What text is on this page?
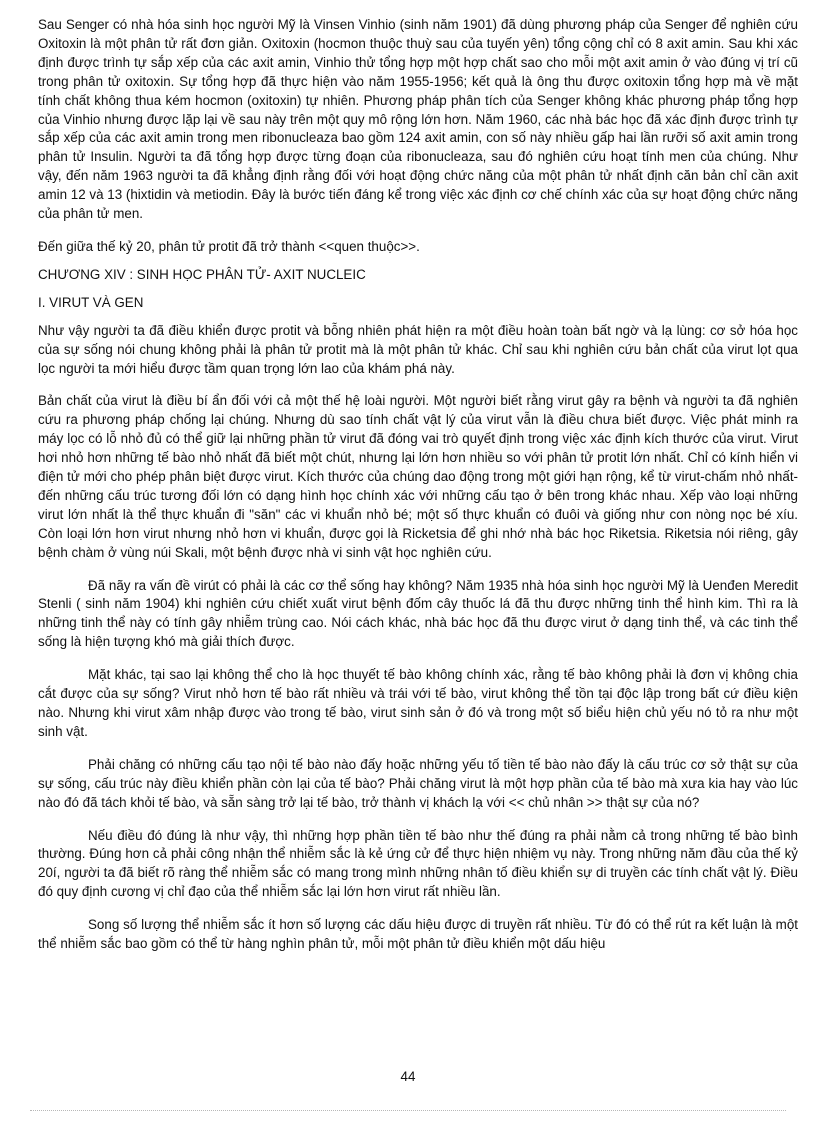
Sau Senger có nhà hóa sinh học người Mỹ là Vinsen Vinhio (sinh năm 1901) đã dùng phương pháp của Senger để nghiên cứu Oxitoxin là một phân tử rất đơn giản. Oxitoxin (hocmon thuộc thuỳ sau của tuyến yên) tổng cộng chỉ có 8 axit amin. Sau khi xác định được trình tự sắp xếp của các axit amin, Vinhio thử tổng hợp một hợp chất sao cho mỗi một axit amin ở vào đúng vị trí cũ trong phân tử oxitoxin. Sự tổng hợp đã thực hiện vào năm 1955-1956; kết quả là ông thu được oxitoxin tổng hợp mà về mặt tính chất không thua kém hocmon (oxitoxin) tự nhiên. Phương pháp phân tích của Senger không khác phương pháp tổng hợp của Vinhio nhưng được lặp lại về sau này trên một quy mô rộng lớn hơn. Năm 1960, các nhà bác học đã xác định được trình tự sắp xếp của các axit amin trong men ribonucleaza bao gồm 124 axit amin, con số này nhiều gấp hai lần rưỡi số axit amin trong phân tử Insulin. Người ta đã tổng hợp được từng đoạn của ribonucleaza, sau đó nghiên cứu hoạt tính men của chúng. Như vậy, đến năm 1963 người ta đã khẳng định rằng đối với hoạt động chức năng của một phân tử nhất định căn bản chỉ cần axit amin 12 và 13 (hixtidin và metiodin. Đây là bước tiến đáng kể trong việc xác định cơ chế chính xác của sự hoạt động chức năng của phân tử men.

Đến giữa thế kỷ 20, phân tử protit đã trở thành <<quen thuộc>>.

CHƯƠNG XIV : SINH HỌC PHÂN TỬ- AXIT NUCLEIC

I. VIRUT VÀ GEN

Như vậy người ta đã điều khiển được protit và bỗng nhiên phát hiện ra một điều hoàn toàn bất ngờ và lạ lùng: cơ sở hóa học của sự sống nói chung không phải là phân tử protit mà là một phân tử khác. Chỉ sau khi nghiên cứu bản chất của virut lọt qua lọc người ta mới hiểu được tầm quan trọng lớn lao của khám phá này.

Bản chất của virut là điều bí ẩn đối với cả một thế hệ loài người. Một người biết rằng virut gây ra bệnh và người ta đã nghiên cứu ra phương pháp chống lại chúng. Nhưng dù sao tính chất vật lý của virut vẫn là điều chưa biết được. Việc phát minh ra máy lọc có lỗ nhỏ đủ có thể giữ lại những phần tử virut đã đóng vai trò quyết định trong việc xác định kích thước của virut. Virut hơi nhỏ hơn những tế bào nhỏ nhất đã biết một chút, nhưng lại lớn hơn nhiều so với phân tử protit lớn nhất. Chỉ có kính hiển vi điện tử mới cho phép phân biệt được virut. Kích thước của chúng dao động trong một giới hạn rộng, kể từ virut-chấm nhỏ nhất-đến những cấu trúc tương đối lớn có dạng hình học chính xác với những cấu tạo ở bên trong khác nhau. Xếp vào loại những virut lớn nhất là thể thực khuẩn đi "săn" các vi khuẩn nhỏ bé; một số thực khuẩn có đuôi và giống như con nòng nọc bé xíu. Còn loại lớn hơn virut nhưng nhỏ hơn vi khuẩn, được gọi là Ricketsia để ghi nhớ nhà bác học Riketsia. Riketsia nói riêng, gây bệnh chàm ở vùng núi Skali, một bệnh được nhà vi sinh vật học nghiên cứu.

Đã nãy ra vấn đề virút có phải là các cơ thể sống hay không? Năm 1935 nhà hóa sinh học người Mỹ là Uenđen Meredit Stenli ( sinh năm 1904) khi nghiên cứu chiết xuất virut bệnh đốm cây thuốc lá đã thu được những tinh thể hình kim. Thì ra là những tinh thể này có tính gây nhiễm trùng cao. Nói cách khác, nhà bác học đã thu được virut ở dạng tinh thể, và các tinh thể sống là hiện tượng khó mà giải thích được.

Mặt khác, tại sao lại không thể cho là học thuyết tế bào không chính xác, rằng tế bào không phải là đơn vị không chia cắt được của sự sống? Virut nhỏ hơn tế bào rất nhiều và trái với tế bào, virut không thể tồn tại độc lập trong bất cứ điều kiện nào. Nhưng khi virut xâm nhập được vào trong tế bào, virut sinh sản ở đó và trong một số biểu hiện chủ yếu nó tỏ ra như một sinh vật.

Phải chăng có những cấu tạo nội tế bào nào đấy hoặc những yếu tố tiền tế bào nào đấy là cấu trúc cơ sở thật sự của sự sống, cấu trúc này điều khiển phần còn lại của tế bào? Phải chăng virut là một hợp phần của tế bào mà xưa kia hay vào lúc nào đó đã tách khỏi tế bào, và sẵn sàng trở lại tế bào, trở thành vị khách lạ với << chủ nhân >> thật sự của nó?

Nếu điều đó đúng là như vậy, thì những hợp phần tiền tế bào như thế đúng ra phải nằm cả trong những tế bào bình thường. Đúng hơn cả phải công nhận thể nhiễm sắc là kẻ ứng cử để thực hiện nhiệm vụ này. Trong những năm đầu của thế kỷ 20í, người ta đã biết rõ ràng thể nhiễm sắc có mang trong mình những nhân tố điều khiển sự di truyền các tính chất vật lý. Điều đó quy định cương vị chỉ đạo của thể nhiễm sắc lại lớn hơn virut rất nhiều lần.

Song số lượng thể nhiễm sắc ít hơn số lượng các dấu hiệu được di truyền rất nhiều. Từ đó có thể rút ra kết luận là một thể nhiễm sắc bao gồm có thể từ hàng nghìn phân tử, mỗi một phân tử điều khiển một dấu hiệu

44
